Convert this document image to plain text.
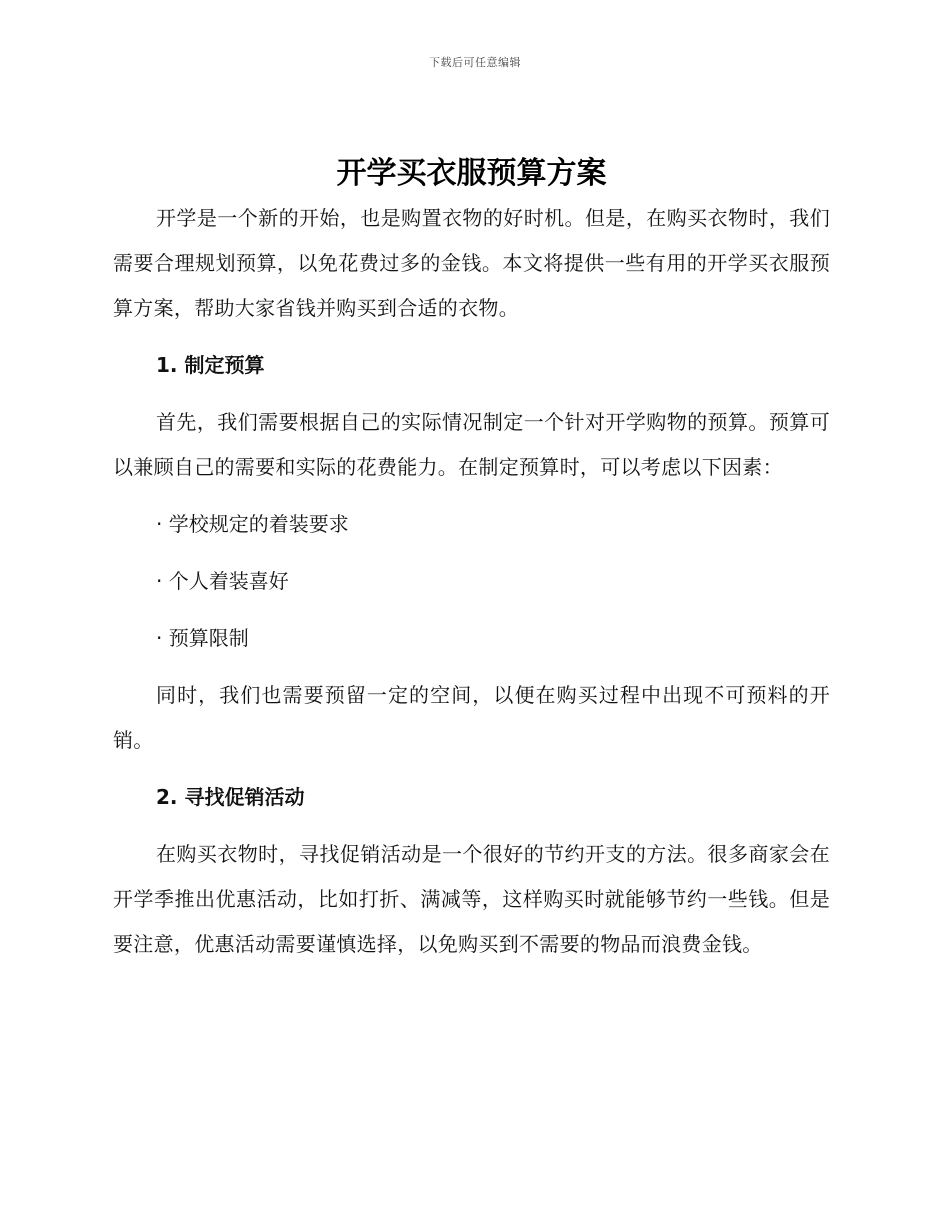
下载后可任意编辑
开学买衣服预算方案

开学是一个新的开始，也是购置衣物的好时机。但是，在购买衣物时，我们需要合理规划预算，以免花费过多的金钱。本文将提供一些有用的开学买衣服预算方案，帮助大家省钱并购买到合适的衣物。

1. 制定预算

首先，我们需要根据自己的实际情况制定一个针对开学购物的预算。预算可以兼顾自己的需要和实际的花费能力。在制定预算时，可以考虑以下因素：

· 学校规定的着装要求

· 个人着装喜好

· 预算限制

同时，我们也需要预留一定的空间，以便在购买过程中出现不可预料的开销。

2. 寻找促销活动

在购买衣物时，寻找促销活动是一个很好的节约开支的方法。很多商家会在开学季推出优惠活动，比如打折、满减等，这样购买时就能够节约一些钱。但是要注意，优惠活动需要谨慎选择，以免购买到不需要的物品而浪费金钱。
